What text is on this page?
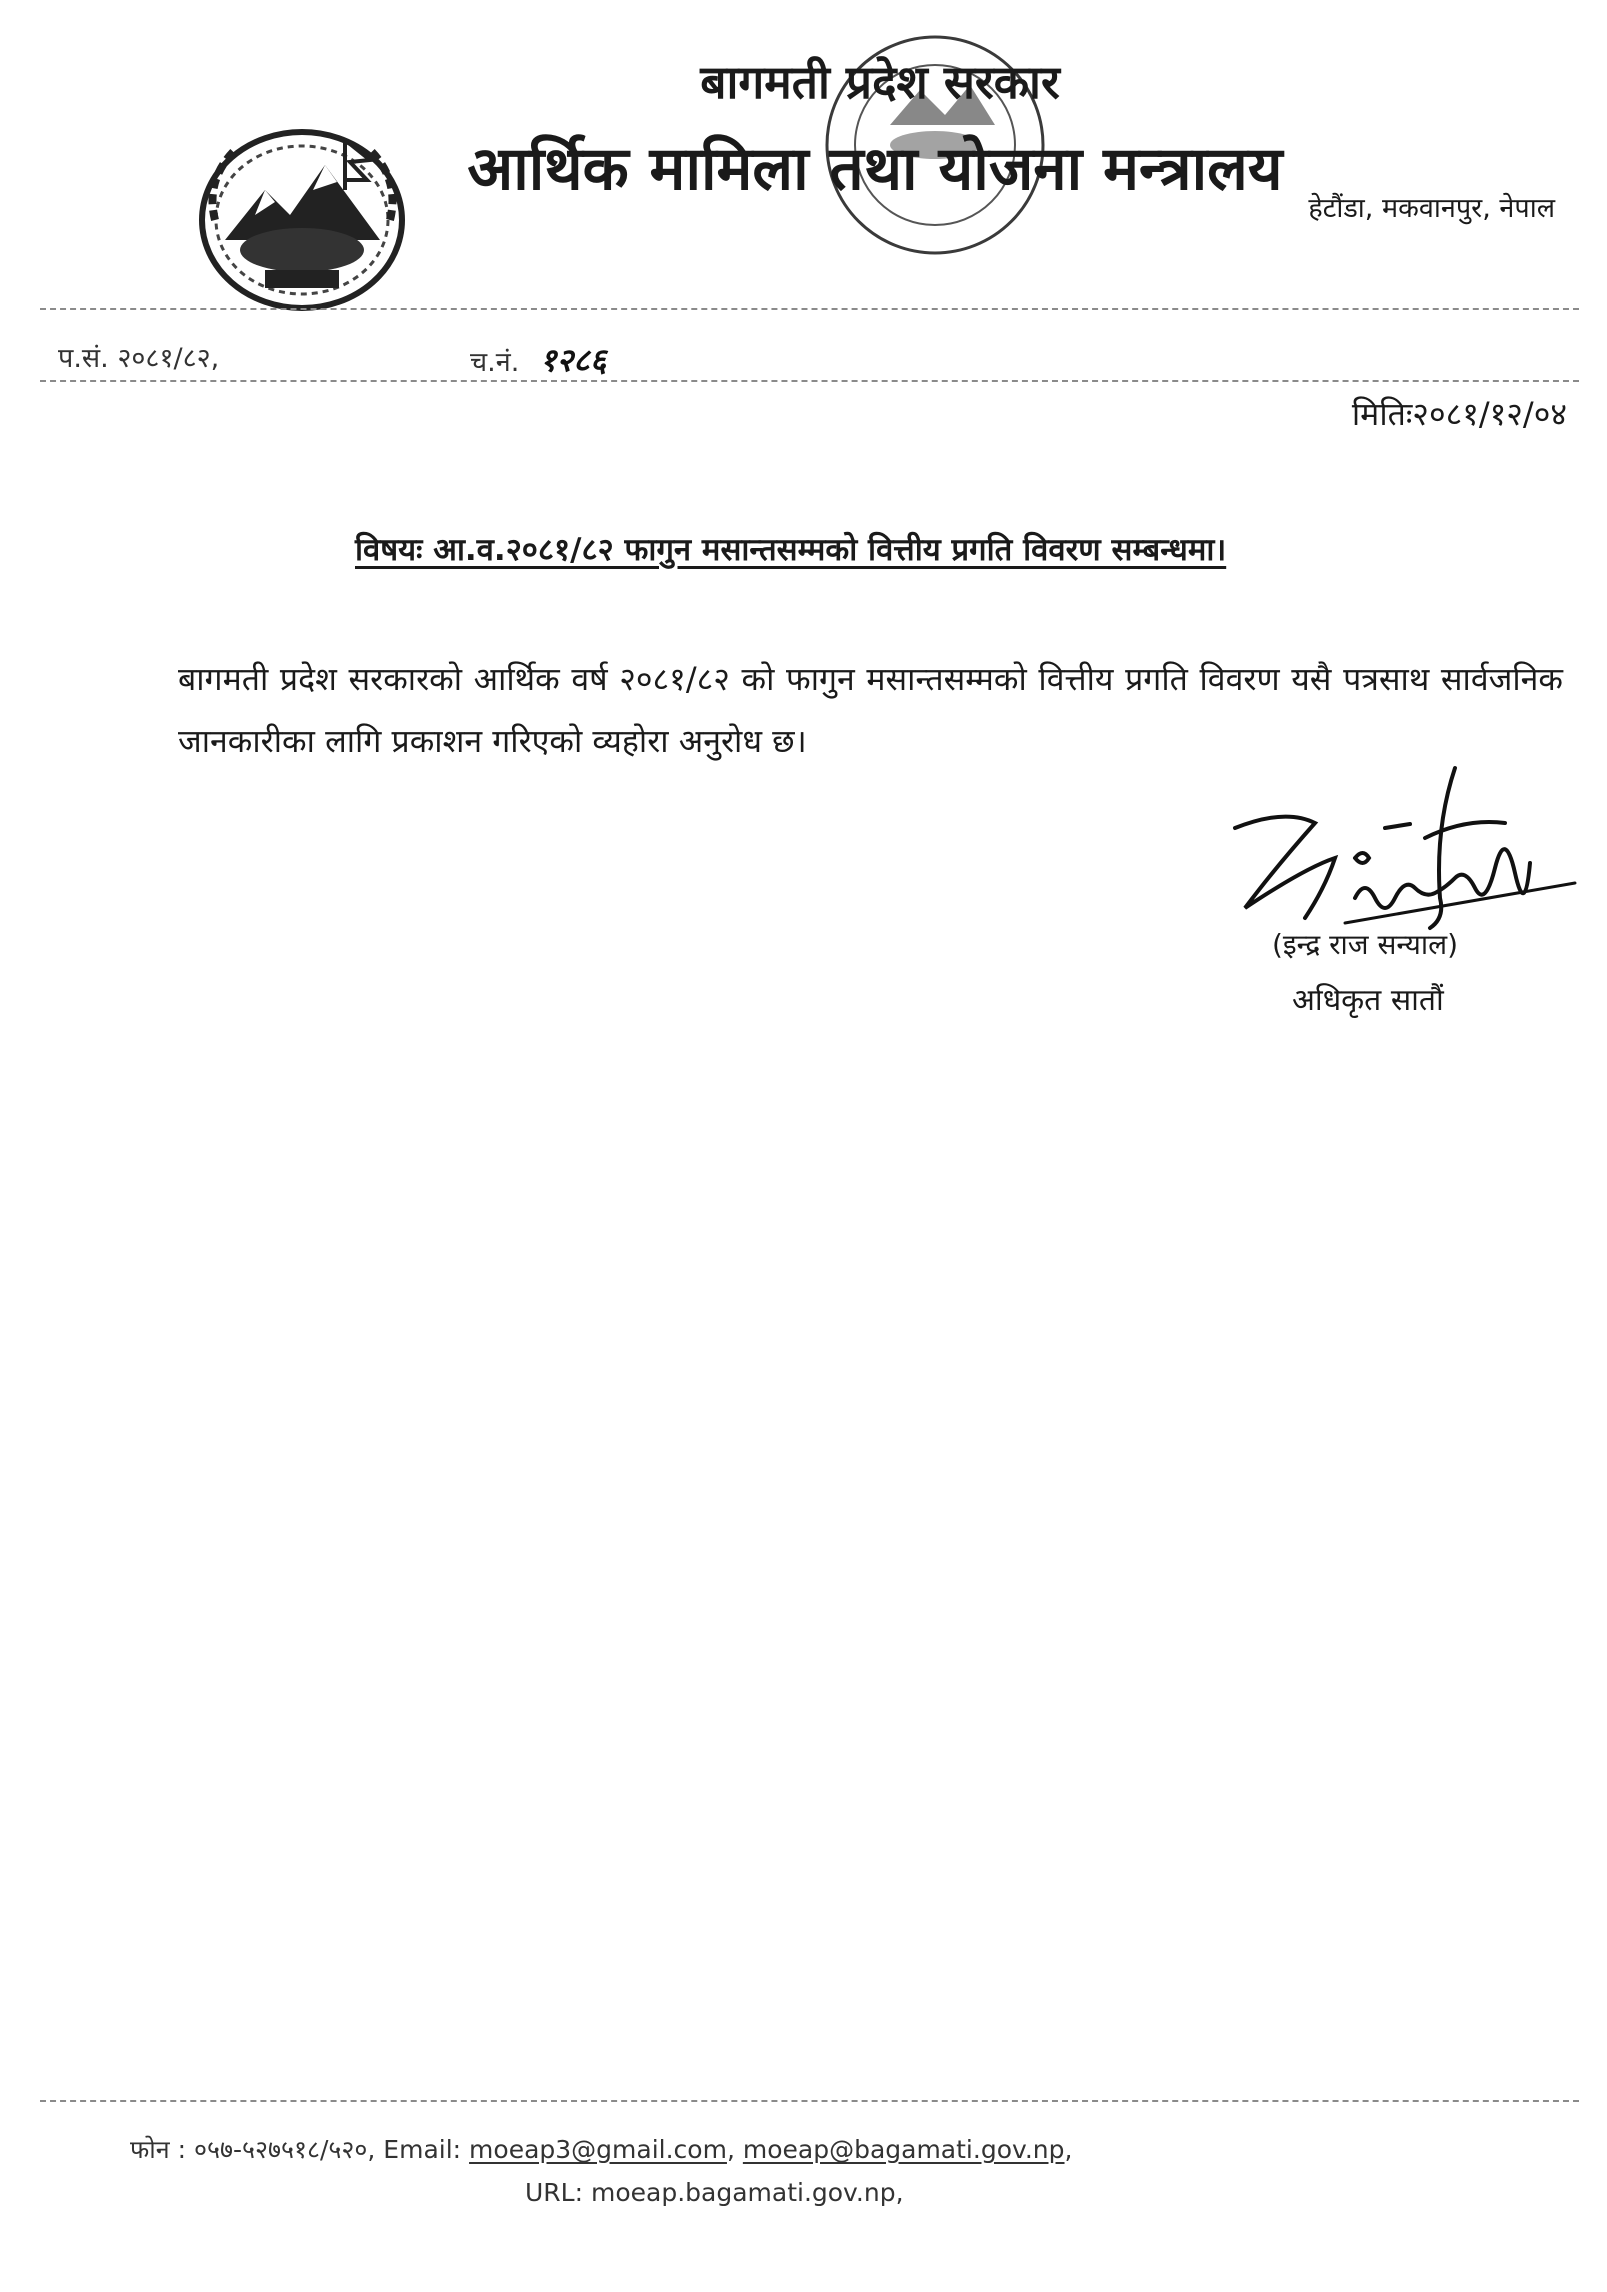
बागमती प्रदेश सरकार
आर्थिक मामिला तथा योजना मन्त्रालय
हेटौंडा, मकवानपुर, नेपाल
प.सं. २०८१/८२,	च.नं. १२८६
मितिः२०८१/१२/०४
विषयः आ.व.२०८१/८२ फागुन मसान्तसम्मको वित्तीय प्रगति विवरण सम्बन्धमा।
बागमती प्रदेश सरकारको आर्थिक वर्ष २०८१/८२ को फागुन मसान्तसम्मको वित्तीय प्रगति विवरण यसै पत्रसाथ सार्वजनिक जानकारीका लागि प्रकाशन गरिएको व्यहोरा अनुरोध छ।
(इन्द्र राज सन्याल)
अधिकृत सातौं
फोन : ०५७-५२७५१८/५२०, Email: moeap3@gmail.com, moeap@bagamati.gov.np,
URL: moeap.bagamati.gov.np,
